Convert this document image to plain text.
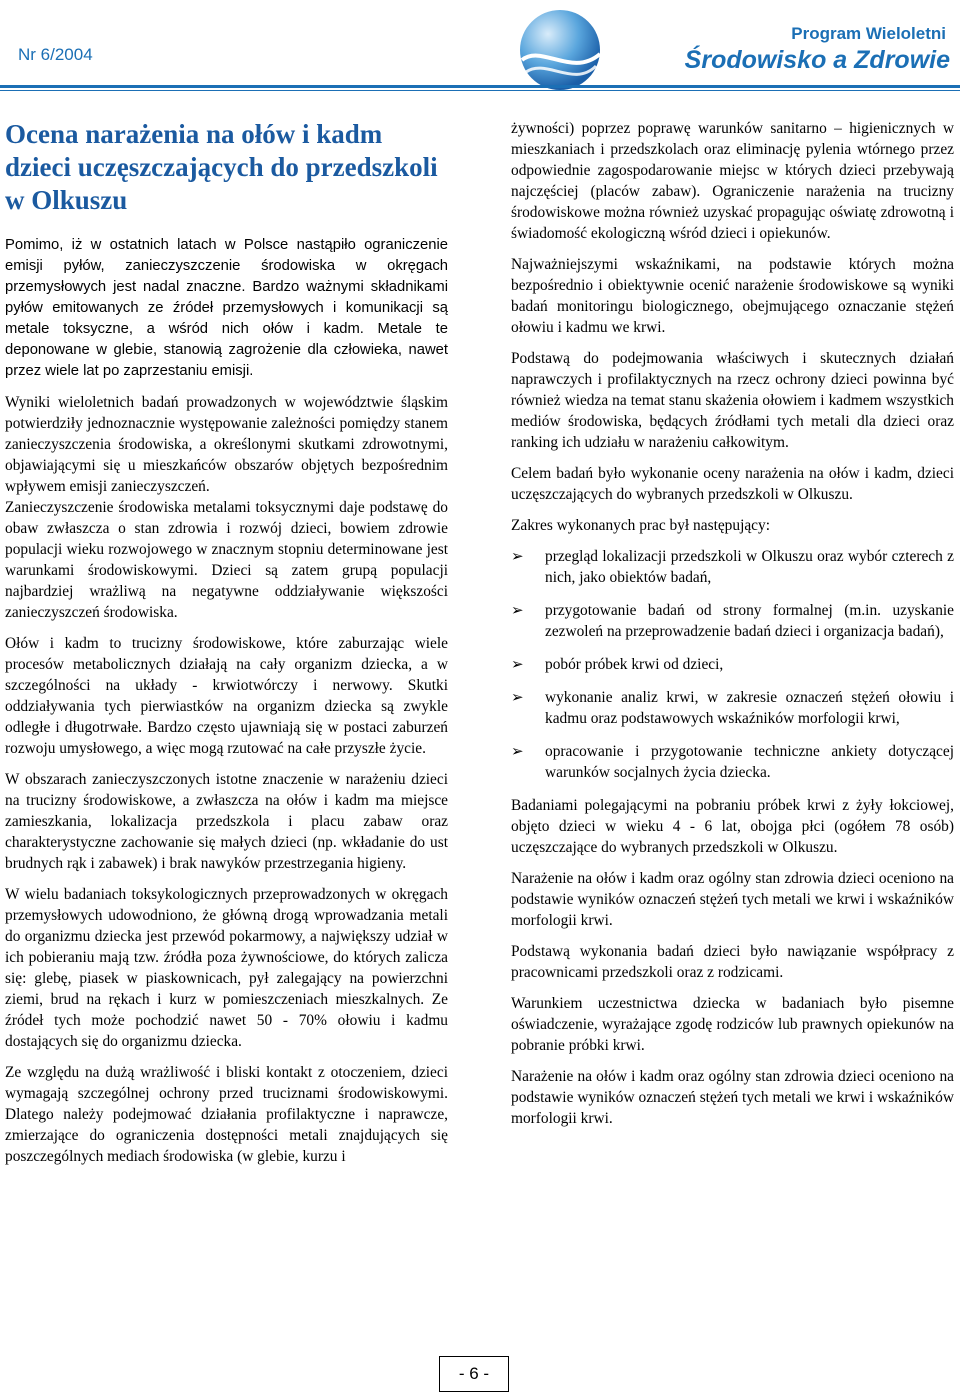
Nr 6/2004
Program Wieloletni
Środowisko a Zdrowie
Ocena narażenia na ołów i kadm dzieci uczęszczających do przedszkoli w Olkuszu

Pomimo, iż w ostatnich latach w Polsce nastąpiło ograniczenie emisji pyłów, zanieczyszczenie środowiska w okręgach przemysłowych jest nadal znaczne. Bardzo ważnymi składnikami pyłów emitowanych ze źródeł przemysłowych i komunikacji są metale toksyczne, a wśród nich ołów i kadm. Metale te deponowane w glebie, stanowią zagrożenie dla człowieka, nawet przez wiele lat po zaprzestaniu emisji.

Wyniki wieloletnich badań prowadzonych w województwie śląskim potwierdziły jednoznacznie występowanie zależności pomiędzy stanem zanieczyszczenia środowiska, a określonymi skutkami zdrowotnymi, objawiającymi się u mieszkańców obszarów objętych bezpośrednim wpływem emisji zanieczyszczeń.

Zanieczyszczenie środowiska metalami toksycznymi daje podstawę do obaw zwłaszcza o stan zdrowia i rozwój dzieci, bowiem zdrowie populacji wieku rozwojowego w znacznym stopniu determinowane jest warunkami środowiskowymi. Dzieci są zatem grupą populacji najbardziej wrażliwą na negatywne oddziaływanie większości zanieczyszczeń środowiska.

Ołów i kadm to trucizny środowiskowe, które zaburzając wiele procesów metabolicznych działają na cały organizm dziecka, a w szczególności na układy - krwiotwórczy i nerwowy. Skutki oddziaływania tych pierwiastków na organizm dziecka są zwykle odległe i długotrwałe. Bardzo często ujawniają się w postaci zaburzeń rozwoju umysłowego, a więc mogą rzutować na całe przyszłe życie.

W obszarach zanieczyszczonych istotne znaczenie w narażeniu dzieci na trucizny środowiskowe, a zwłaszcza na ołów i kadm ma miejsce zamieszkania, lokalizacja przedszkola i placu zabaw oraz charakterystyczne zachowanie się małych dzieci (np. wkładanie do ust brudnych rąk i zabawek) i brak nawyków przestrzegania higieny.

W wielu badaniach toksykologicznych przeprowadzonych w okręgach przemysłowych udowodniono, że główną drogą wprowadzania metali do organizmu dziecka jest przewód pokarmowy, a największy udział w ich pobieraniu mają tzw. źródła poza żywnościowe, do których zalicza się: glebę, piasek w piaskownicach, pył zalegający na powierzchni ziemi, brud na rękach i kurz w pomieszczeniach mieszkalnych. Ze źródeł tych może pochodzić nawet 50 - 70% ołowiu i kadmu dostających się do organizmu dziecka.

Ze względu na dużą wrażliwość i bliski kontakt z otoczeniem, dzieci wymagają szczególnej ochrony przed truciznami środowiskowymi. Dlatego należy podejmować działania profilaktyczne i naprawcze, zmierzające do ograniczenia dostępności metali znajdujących się poszczególnych mediach środowiska (w glebie, kurzu i

żywności) poprzez poprawę warunków sanitarno – higienicznych w mieszkaniach i przedszkolach oraz eliminację pylenia wtórnego przez odpowiednie zagospodarowanie miejsc w których dzieci przebywają najczęściej (placów zabaw). Ograniczenie narażenia na trucizny środowiskowe można również uzyskać propagując oświatę zdrowotną i świadomość ekologiczną wśród dzieci i opiekunów.

Najważniejszymi wskaźnikami, na podstawie których można bezpośrednio i obiektywnie ocenić narażenie środowiskowe są wyniki badań monitoringu biologicznego, obejmującego oznaczanie stężeń ołowiu i kadmu we krwi.

Podstawą do podejmowania właściwych i skutecznych działań naprawczych i profilaktycznych na rzecz ochrony dzieci powinna być również wiedza na temat stanu skażenia ołowiem i kadmem wszystkich mediów środowiska, będących źródłami tych metali dla dzieci oraz ranking ich udziału w narażeniu całkowitym.

Celem badań było wykonanie oceny narażenia na ołów i kadm, dzieci uczęszczających do wybranych przedszkoli w Olkuszu.

Zakres wykonanych prac był następujący:

➢ przegląd lokalizacji przedszkoli w Olkuszu oraz wybór czterech z nich, jako obiektów badań,
➢ przygotowanie badań od strony formalnej (m.in. uzyskanie zezwoleń na przeprowadzenie badań dzieci i organizacja badań),
➢ pobór próbek krwi od dzieci,
➢ wykonanie analiz krwi, w zakresie oznaczeń stężeń ołowiu i kadmu oraz podstawowych wskaźników morfologii krwi,
➢ opracowanie i przygotowanie techniczne ankiety dotyczącej warunków socjalnych życia dziecka.

Badaniami polegającymi na pobraniu próbek krwi z żyły łokciowej, objęto dzieci w wieku 4 - 6 lat, obojga płci (ogółem 78 osób) uczęszczające do wybranych przedszkoli w Olkuszu.

Narażenie na ołów i kadm oraz ogólny stan zdrowia dzieci oceniono na podstawie wyników oznaczeń stężeń tych metali we krwi i wskaźników morfologii krwi.

Podstawą wykonania badań dzieci było nawiązanie współpracy z pracownicami przedszkoli oraz z rodzicami.

Warunkiem uczestnictwa dziecka w badaniach było pisemne oświadczenie, wyrażające zgodę rodziców lub prawnych opiekunów na pobranie próbki krwi.

Narażenie na ołów i kadm oraz ogólny stan zdrowia dzieci oceniono na podstawie wyników oznaczeń stężeń tych metali we krwi i wskaźników morfologii krwi.

- 6 -
